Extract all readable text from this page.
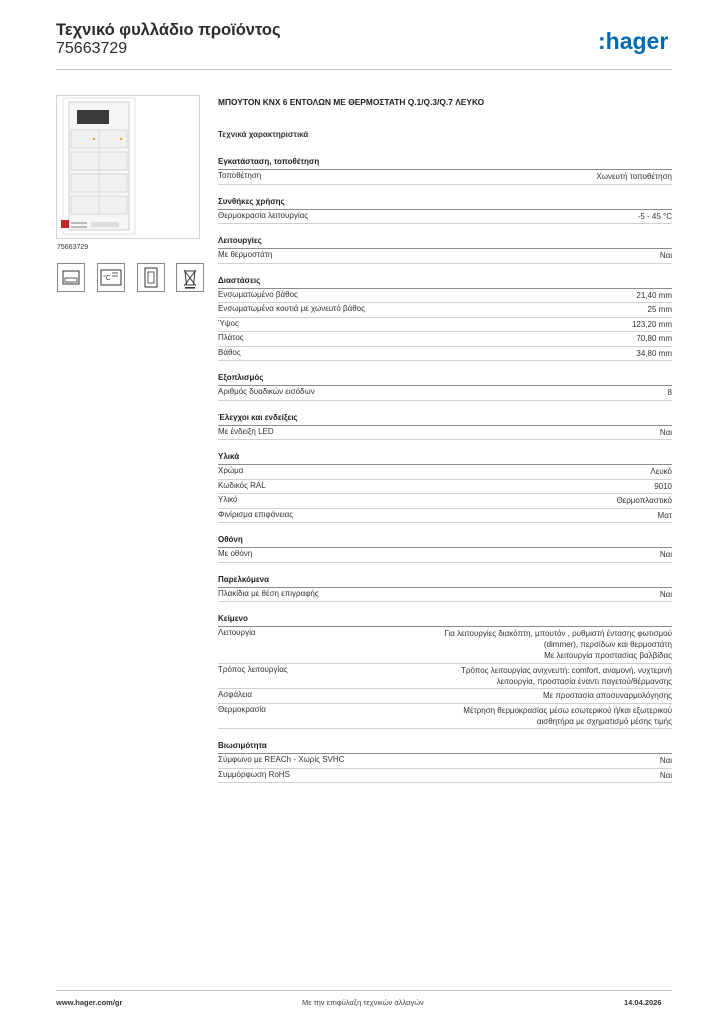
Τεχνικό φυλλάδιο προϊόντος
75663729	:hager
75663729
°C
ΜΠΟΥΤΟΝ KNX 6 ΕΝΤΟΛΩΝ ΜΕ ΘΕΡΜΟΣΤΑΤΗ Q.1/Q.3/Q.7 ΛΕΥΚΟ
Τεχνικά χαρακτηριστικά
Εγκατάσταση, τοποθέτηση
Τοποθέτηση	Χωνευτή τοποθέτηση
Συνθήκες χρήσης
Θερμοκρασία λειτουργίας	-5 - 45 °C
Λειτουργίες
Με θερμοστάτη	Ναι
Διαστάσεις
Ενσωματωμένο βάθος	21,40 mm
Ενσωματωμένα κουτιά με χωνευτό βάθος	25 mm
Ύψος	123,20 mm
Πλάτος	70,80 mm
Βάθος	34,80 mm
Εξοπλισμός
Αριθμός δυαδικών εισόδων	8
Έλεγχοι και ενδείξεις
Με ένδειξη LED	Ναι
Υλικά
Χρώμα	Λευκό
Κωδικός RAL	9010
Υλικό	Θερμοπλαστικό
Φινίρισμα επιφάνειας	Ματ
Οθόνη
Με οθόνη	Ναι
Παρελκόμενα
Πλακίδια με θέση επιγραφής	Ναι
Κείμενο
Λειτουργία	Για λειτουργίες διακόπτη, μπουτόν , ρυθμιστή έντασης φωτισμού
(dimmer), περσίδων και θερμοστάτη
Με λειτουργία προστασίας βαλβίδας
Τρόπος λειτουργίας	Τρόπος λειτουργίας ανιχνευτή: comfort, αναμονή, νυχτερινή
λειτουργία, προστασία έναντι παγετού/θέρμανσης
Ασφάλεια	Με προστασία αποσυναρμολόγησης
Θερμοκρασία	Μέτρηση θερμοκρασίας μέσω εσωτερικού ή/και εξωτερικού
αισθητήρα με σχηματισμό μέσης τιμής
Βιωσιμότητα
Σύμφωνο με REACh - Χωρίς SVHC	Ναι
Συμμόρφωση RoHS	Ναι
www.hager.com/gr	Με την επιφύλαξη τεχνικών αλλαγών	14.04.2026
